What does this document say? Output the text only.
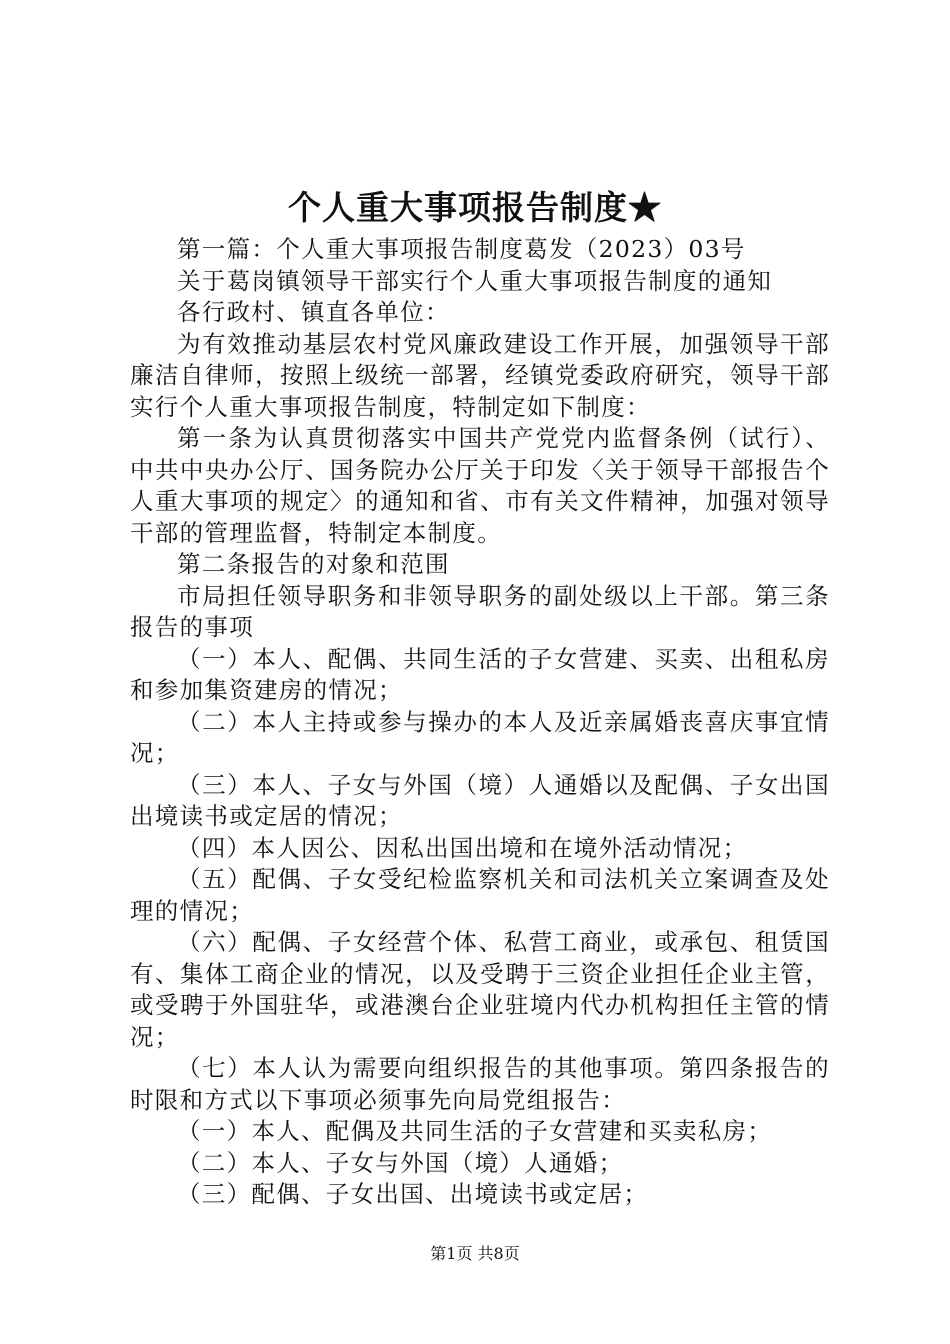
个人重大事项报告制度★

第一篇：个人重大事项报告制度葛发（2023）03号

关于葛岗镇领导干部实行个人重大事项报告制度的通知

各行政村、镇直各单位：

为有效推动基层农村党风廉政建设工作开展，加强领导干部廉洁自律师，按照上级统一部署，经镇党委政府研究，领导干部实行个人重大事项报告制度，特制定如下制度：

第一条为认真贯彻落实中国共产党党内监督条例（试行）、中共中央办公厅、国务院办公厅关于印发〈关于领导干部报告个人重大事项的规定〉的通知和省、市有关文件精神，加强对领导干部的管理监督，特制定本制度。

第二条报告的对象和范围

市局担任领导职务和非领导职务的副处级以上干部。第三条报告的事项

（一）本人、配偶、共同生活的子女营建、买卖、出租私房和参加集资建房的情况；

（二）本人主持或参与操办的本人及近亲属婚丧喜庆事宜情况；

（三）本人、子女与外国（境）人通婚以及配偶、子女出国出境读书或定居的情况；

（四）本人因公、因私出国出境和在境外活动情况；

（五）配偶、子女受纪检监察机关和司法机关立案调查及处理的情况；

（六）配偶、子女经营个体、私营工商业，或承包、租赁国有、集体工商企业的情况，以及受聘于三资企业担任企业主管，或受聘于外国驻华，或港澳台企业驻境内代办机构担任主管的情况；

（七）本人认为需要向组织报告的其他事项。第四条报告的时限和方式以下事项必须事先向局党组报告：

（一）本人、配偶及共同生活的子女营建和买卖私房；

（二）本人、子女与外国（境）人通婚；

（三）配偶、子女出国、出境读书或定居；

第1页 共8页
